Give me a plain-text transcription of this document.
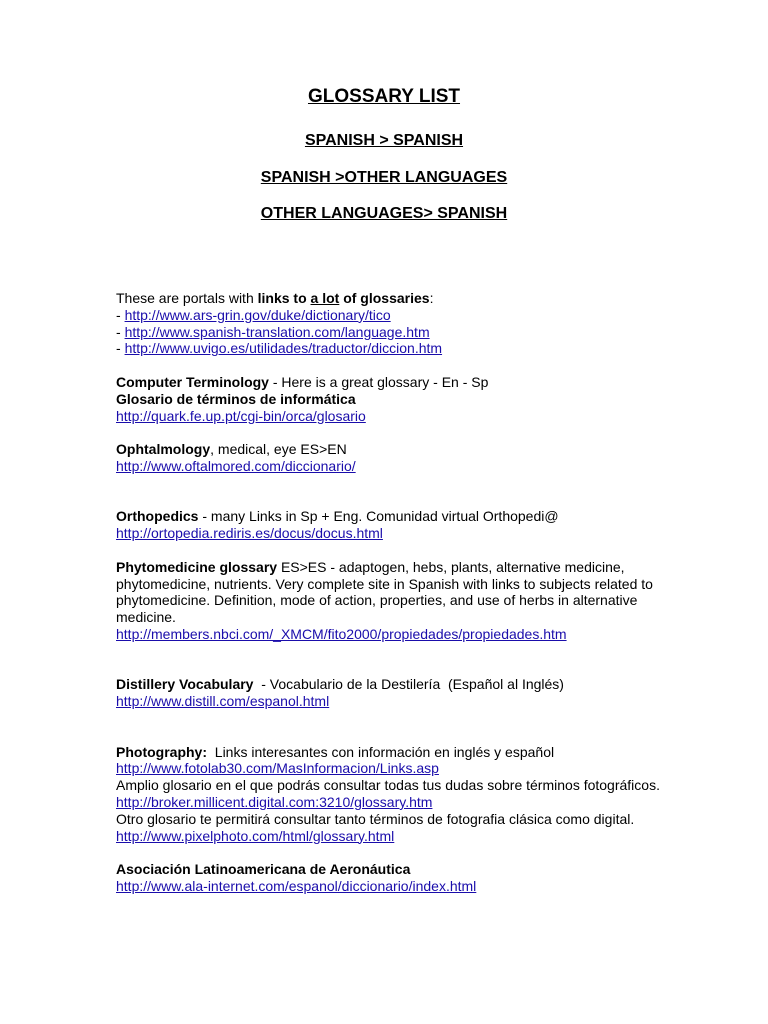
GLOSSARY LIST
SPANISH > SPANISH
SPANISH >OTHER LANGUAGES
OTHER LANGUAGES> SPANISH

These are portals with links to a lot of glossaries:

- http://www.ars-grin.gov/duke/dictionary/tico

- http://www.spanish-translation.com/language.htm

- http://www.uvigo.es/utilidades/traductor/diccion.htm

Computer Terminology - Here is a great glossary - En - Sp

Glosario de términos de informática

http://quark.fe.up.pt/cgi-bin/orca/glosario

Ophtalmology, medical, eye ES>EN

http://www.oftalmored.com/diccionario/

Orthopedics - many Links in Sp + Eng. Comunidad virtual Orthopedi@

http://ortopedia.rediris.es/docus/docus.html

Phytomedicine glossary ES>ES - adaptogen, hebs, plants, alternative medicine, phytomedicine, nutrients. Very complete site in Spanish with links to subjects related to phytomedicine. Definition, mode of action, properties, and use of herbs in alternative medicine.

http://members.nbci.com/_XMCM/fito2000/propiedades/propiedades.htm

Distillery Vocabulary  - Vocabulario de la Destilería  (Español al Inglés)

http://www.distill.com/espanol.html

Photography:  Links interesantes con información en inglés y español

http://www.fotolab30.com/MasInformacion/Links.asp

Amplio glosario en el que podrás consultar todas tus dudas sobre términos fotográficos.

http://broker.millicent.digital.com:3210/glossary.htm

Otro glosario te permitirá consultar tanto términos de fotografia clásica como digital.

http://www.pixelphoto.com/html/glossary.html

Asociación Latinoamericana de Aeronáutica

http://www.ala-internet.com/espanol/diccionario/index.html
